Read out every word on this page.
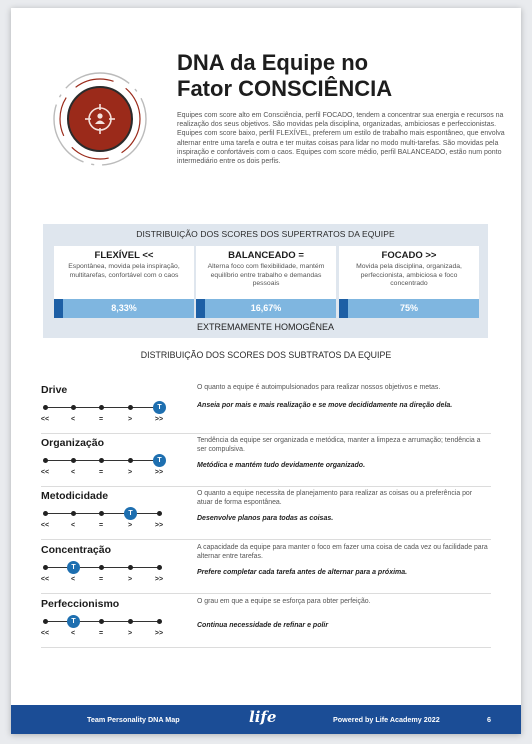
DNA da Equipe no
Fator CONSCIÊNCIA
Equipes com score alto em Consciência, perfil FOCADO, tendem a concentrar sua energia e recursos na realização dos seus objetivos. São movidas pela disciplina, organizadas, ambiciosas e perfeccionistas. Equipes com score baixo, perfil FLEXÍVEL, preferem um estilo de trabalho mais espontâneo, que envolva alternar entre uma tarefa e outra e ter muitas coisas para lidar no modo multi-tarefas. São movidas pela inspiração e confortáveis com o caos. Equipes com score médio, perfil BALANCEADO, estão num ponto intermediário entre os dois perfis.
DISTRIBUIÇÃO DOS SCORES DOS SUPERTRATOS DA EQUIPE
FLEXÍVEL <<
Espontânea, movida pela inspiração, multitarefas, confortável com o caos
8,33%
BALANCEADO =
Alterna foco com flexibilidade, mantém equilíbrio entre trabalho e demandas pessoais
16,67%
FOCADO >>
Movida pela disciplina, organizada, perfeccionista, ambiciosa e foco concentrado
75%
EXTREMAMENTE HOMOGÊNEA
DISTRIBUIÇÃO DOS SCORES DOS SUBTRATOS DA EQUIPE
Drive
<<	<	=	>	>>
T
O quanto a equipe é autoimpulsionados para realizar nossos objetivos e metas.
Anseia por mais e mais realização e se move decididamente na direção dela.
Organização
<<	<	=	>	>>
T
Tendência da equipe ser organizada e metódica, manter a limpeza e arrumação; tendência a ser compulsiva.
Metódica e mantém tudo devidamente organizado.
Metodicidade
<<	<	=	>	>>
T
O quanto a equipe necessita de planejamento para realizar as coisas ou a preferência por atuar de forma espontânea.
Desenvolve planos para todas as coisas.
Concentração
<<	<	=	>	>>
T
A capacidade da equipe para manter o foco em fazer uma coisa de cada vez ou facilidade para alternar entre tarefas.
Prefere completar cada tarefa antes de alternar para a próxima.
Perfeccionismo
<<	<	=	>	>>
T
O grau em que a equipe se esforça para obter perfeição.
Continua necessidade de refinar e polir
Team Personality DNA Map	life	Powered by Life Academy 2022	6
